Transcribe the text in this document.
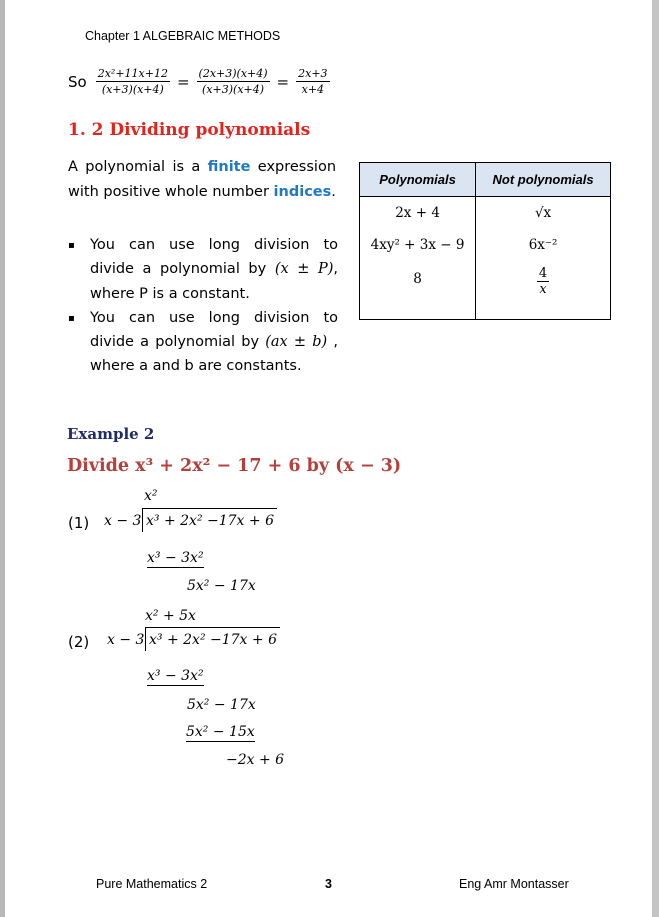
Chapter 1 ALGEBRAIC METHODS
So $\frac{\text{2x²+11x+12}}{(x+3)(x+4)} = \frac{(2x+3)(x+4)}{(x+3)(x+4)} = \frac{2x+3}{x+4}$
1. 2 Dividing polynomials
A polynomial is a finite expression with positive whole number indices.
▪	You can use long division to divide a polynomial by (x ± P), where P is a constant.
▪	You can use long division to divide a polynomial by (ax ± b) , where a and b are constants.
Polynomials	Not polynomials
2x + 4	√x
4xy² + 3x − 9	6x⁻²
8	$\frac{4}{x}$
Example 2
Divide x³ + 2x² − 17 + 6 by (x − 3)
x²
(1) x − 3 x³ + 2x² −17x + 6
x³ − 3x²
5x² − 17x
x² + 5x
(2) x − 3 x³ + 2x² −17x + 6
x³ − 3x²
5x² − 17x
5x² − 15x
−2x + 6
Pure Mathematics 2	3	Eng Amr Montasser
